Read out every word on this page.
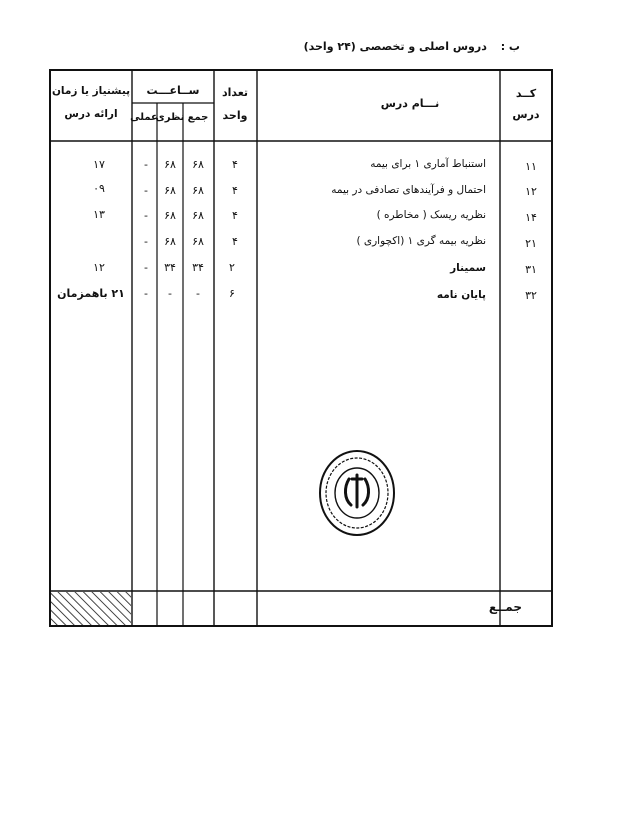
ب : دروس اصلی و تخصصی (۲۴ واحد)
کــد
درس
نـــام درس
تعداد
واحد
ســاعـــت
جمع
نظری
عملی
پیشنیاز یا زمان
ارائه درس
۱۱
استنباط آماری ۱ برای بیمه
۴
۶۸
۶۸
-
۱۷
۱۲
احتمال و فرآیندهای تصادفی در بیمه
۴
۶۸
۶۸
-
۰۹
۱۴
نظریه ریسک ( مخاطره )
۴
۶۸
۶۸
-
۱۳
۲۱
نظریه بیمه گری ۱ (اکچواری )
۴
۶۸
۶۸
-
۳۱
سمینار
۲
۳۴
۳۴
-
۱۲
۳۲
پایان نامه
۶
-
-
-
۲۱ باهمزمان
جمــع
